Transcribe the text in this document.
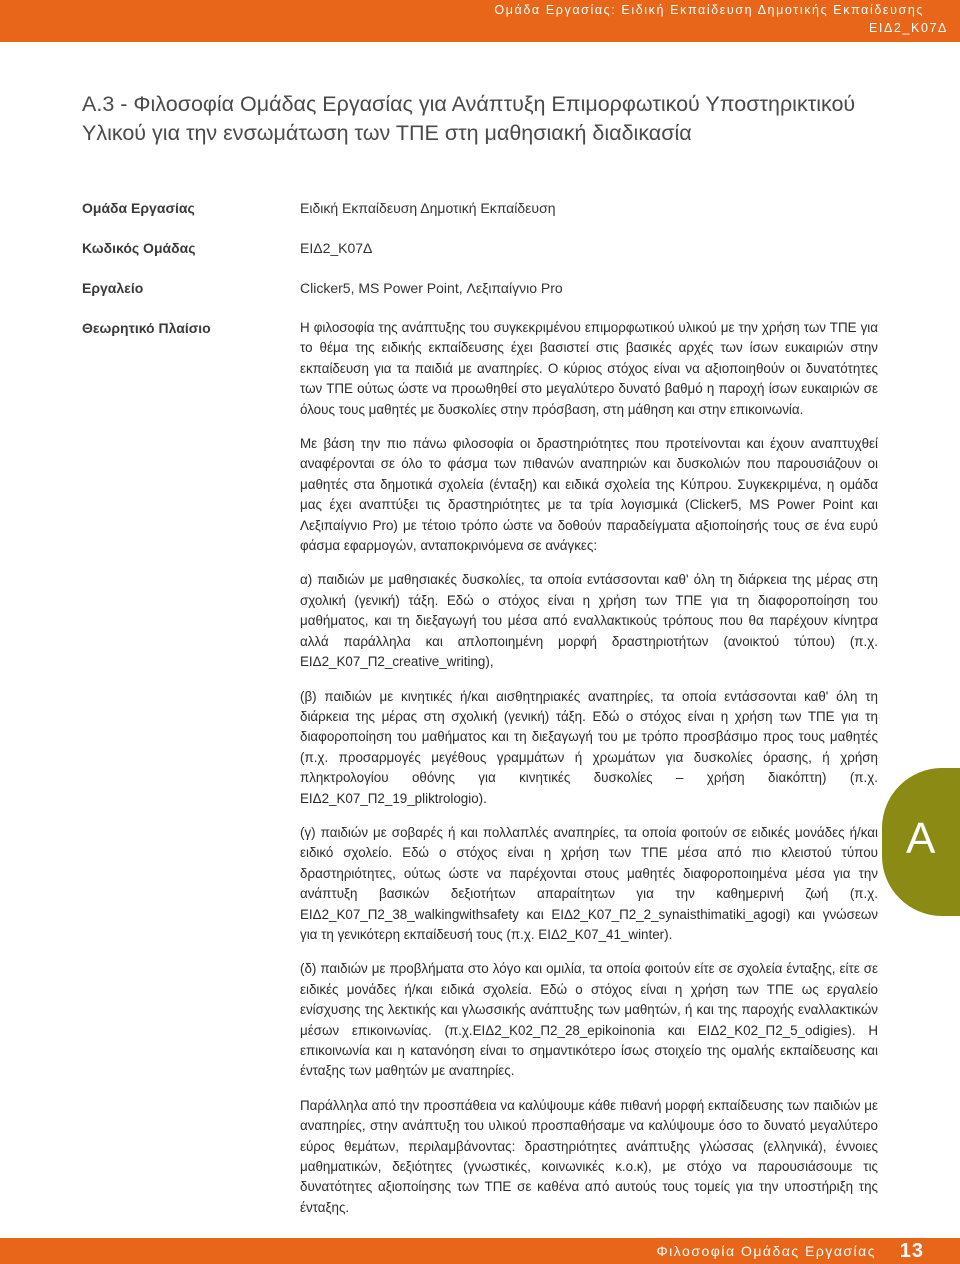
Ομάδα Εργασίας: Ειδική Εκπαίδευση Δημοτικής Εκπαίδευσης
ΕΙΔ2_Κ07Δ
Α.3 - Φιλοσοφία Ομάδας Εργασίας για Ανάπτυξη Επιμορφωτικού Υποστηρικτικού Υλικού για την ενσωμάτωση των ΤΠΕ στη μαθησιακή διαδικασία
Ομάδα Εργασίας	Ειδική Εκπαίδευση Δημοτική Εκπαίδευση
Κωδικός Ομάδας	ΕΙΔ2_Κ07Δ
Εργαλείο	Clicker5, MS Power Point, Λεξιπαίγνιο Pro
Θεωρητικό Πλαίσιο	Η φιλοσοφία της ανάπτυξης του συγκεκριμένου επιμορφωτικού υλικού με την χρήση των ΤΠΕ για το θέμα της ειδικής εκπαίδευσης έχει βασιστεί στις βασικές αρχές των ίσων ευκαιριών στην εκπαίδευση για τα παιδιά με αναπηρίες. Ο κύριος στόχος είναι να αξιοποιηθούν οι δυνατότητες των ΤΠΕ ούτως ώστε να προωθηθεί στο μεγαλύτερο δυνατό βαθμό η παροχή ίσων ευκαιριών σε όλους τους μαθητές με δυσκολίες στην πρόσβαση, στη μάθηση και στην επικοινωνία.

Με βάση την πιο πάνω φιλοσοφία οι δραστηριότητες που προτείνονται και έχουν αναπτυχθεί αναφέρονται σε όλο το φάσμα των πιθανών αναπηριών και δυσκολιών που παρουσιάζουν οι μαθητές στα δημοτικά σχολεία (ένταξη) και ειδικά σχολεία της Κύπρου. Συγκεκριμένα, η ομάδα μας έχει αναπτύξει τις δραστηριότητες με τα τρία λογισμικά (Clicker5, MS Power Point και Λεξιπαίγνιο Pro) με τέτοιο τρόπο ώστε να δοθούν παραδείγματα αξιοποίησής τους σε ένα ευρύ φάσμα εφαρμογών, ανταποκρινόμενα σε ανάγκες:

α) παιδιών με μαθησιακές δυσκολίες, τα οποία εντάσσονται καθ' όλη τη διάρκεια της μέρας στη σχολική (γενική) τάξη. Εδώ ο στόχος είναι η χρήση των ΤΠΕ για τη διαφοροποίηση του μαθήματος, και τη διεξαγωγή του μέσα από εναλλακτικούς τρόπους που θα παρέχουν κίνητρα αλλά παράλληλα και απλοποιημένη μορφή δραστηριοτήτων (ανοικτού τύπου) (π.χ. ΕΙΔ2_Κ07_Π2_creative_writing),

(β) παιδιών με κινητικές ή/και αισθητηριακές αναπηρίες, τα οποία εντάσσονται καθ' όλη τη διάρκεια της μέρας στη σχολική (γενική) τάξη. Εδώ ο στόχος είναι η χρήση των ΤΠΕ για τη διαφοροποίηση του μαθήματος και τη διεξαγωγή του με τρόπο προσβάσιμο προς τους μαθητές (π.χ. προσαρμογές μεγέθους γραμμάτων ή χρωμάτων για δυσκολίες όρασης, ή χρήση πληκτρολογίου οθόνης για κινητικές δυσκολίες – χρήση διακόπτη) (π.χ. ΕΙΔ2_Κ07_Π2_19_pliktrologio).

(γ) παιδιών με σοβαρές ή και πολλαπλές αναπηρίες, τα οποία φοιτούν σε ειδικές μονάδες ή/και ειδικό σχολείο. Εδώ ο στόχος είναι η χρήση των ΤΠΕ μέσα από πιο κλειστού τύπου δραστηριότητες, ούτως ώστε να παρέχονται στους μαθητές διαφοροποιημένα μέσα για την ανάπτυξη βασικών δεξιοτήτων απαραίτητων για την καθημερινή ζωή (π.χ. ΕΙΔ2_Κ07_Π2_38_walkingwithsafety και ΕΙΔ2_Κ07_Π2_2_synaisthimatiki_agogi) και γνώσεων για τη γενικότερη εκπαίδευσή τους (π.χ. ΕΙΔ2_Κ07_41_winter).

(δ) παιδιών με προβλήματα στο λόγο και ομιλία, τα οποία φοιτούν είτε σε σχολεία ένταξης, είτε σε ειδικές μονάδες ή/και ειδικά σχολεία. Εδώ ο στόχος είναι η χρήση των ΤΠΕ ως εργαλείο ενίσχυσης της λεκτικής και γλωσσικής ανάπτυξης των μαθητών, ή και της παροχής εναλλακτικών μέσων επικοινωνίας. (π.χ.ΕΙΔ2_Κ02_Π2_28_epikoinonia και ΕΙΔ2_Κ02_Π2_5_odigies). Η επικοινωνία και η κατανόηση είναι το σημαντικότερο ίσως στοιχείο της ομαλής εκπαίδευσης και ένταξης των μαθητών με αναπηρίες.

Παράλληλα από την προσπάθεια να καλύψουμε κάθε πιθανή μορφή εκπαίδευσης των παιδιών με αναπηρίες, στην ανάπτυξη του υλικού προσπαθήσαμε να καλύψουμε όσο το δυνατό μεγαλύτερο εύρος θεμάτων, περιλαμβάνοντας: δραστηριότητες ανάπτυξης γλώσσας (ελληνικά), έννοιες μαθηματικών, δεξιότητες (γνωστικές, κοινωνικές κ.ο.κ), με στόχο να παρουσιάσουμε τις δυνατότητες αξιοποίησης των ΤΠΕ σε καθένα από αυτούς τους τομείς για την υποστήριξη της ένταξης.

Α
Φιλοσοφία Ομάδας Εργασίας 13
